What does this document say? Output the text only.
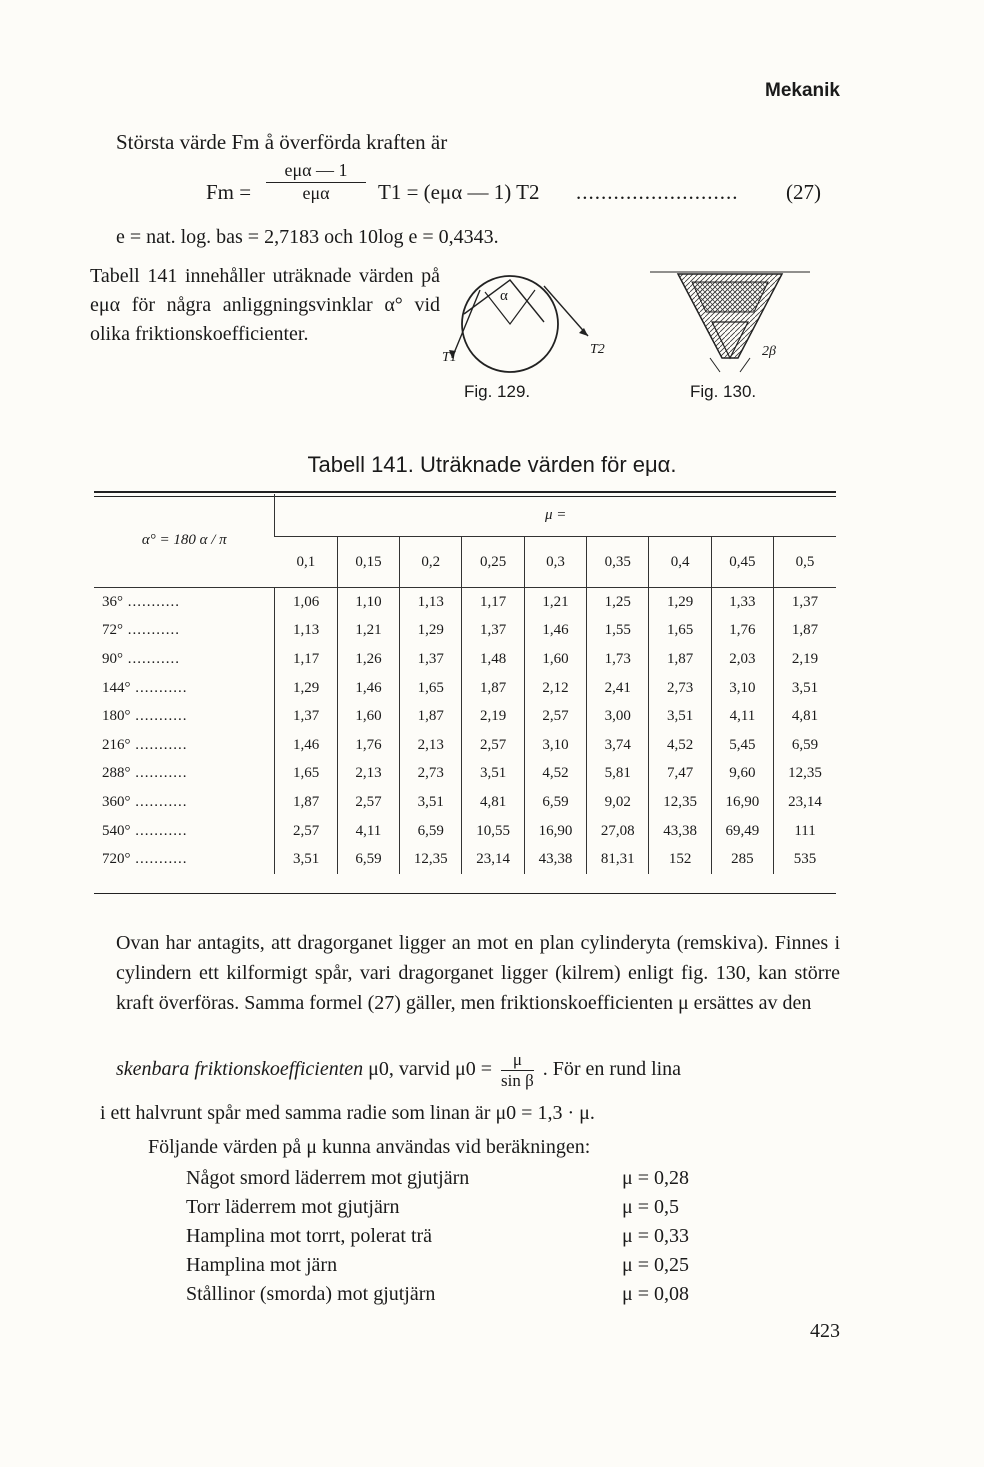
Mekanik
Största värde Fm å överförda kraften är
Fm =
eμα — 1
eμα	T1 = (eμα — 1) T2 .......................... (27)
e = nat. log. bas = 2,7183 och 10log e = 0,4343.
Tabell 141 innehåller uträknade värden på eμα för några anliggningsvinklar α° vid olika friktionskoefficienter.
α
T1
T2
Fig. 129.
2β
Fig. 130.
Tabell 141. Uträknade värden för eμα.
α° = 180 α / π	μ =								
	0,1	0,15	0,2	0,25	0,3	0,35	0,4	0,45	0,5
36° ...........	1,06	1,10	1,13	1,17	1,21	1,25	1,29	1,33	1,37
72° ...........	1,13	1,21	1,29	1,37	1,46	1,55	1,65	1,76	1,87
90° ...........	1,17	1,26	1,37	1,48	1,60	1,73	1,87	2,03	2,19
144° ...........	1,29	1,46	1,65	1,87	2,12	2,41	2,73	3,10	3,51
180° ...........	1,37	1,60	1,87	2,19	2,57	3,00	3,51	4,11	4,81
216° ...........	1,46	1,76	2,13	2,57	3,10	3,74	4,52	5,45	6,59
288° ...........	1,65	2,13	2,73	3,51	4,52	5,81	7,47	9,60	12,35
360° ...........	1,87	2,57	3,51	4,81	6,59	9,02	12,35	16,90	23,14
540° ...........	2,57	4,11	6,59	10,55	16,90	27,08	43,38	69,49	111
720° ...........	3,51	6,59	12,35	23,14	43,38	81,31	152	285	535
Ovan har antagits, att dragorganet ligger an mot en plan cylinderyta (remskiva). Finnes i cylindern ett kilformigt spår, vari dragorganet ligger (kilrem) enligt fig. 130, kan större kraft överföras. Samma formel (27) gäller, men friktionskoefficienten μ ersättes av den
skenbara friktionskoefficienten μ0, varvid $\mu 0 = \frac{\mu}{\text{sin β}}$ . För en rund lina
i ett halvrunt spår med samma radie som linan är μ0 = 1,3 · μ.
Följande värden på μ kunna användas vid beräkningen:
Något smord läderrem mot gjutjärn	μ = 0,28
Torr läderrem mot gjutjärn	μ = 0,5
Hamplina mot torrt, polerat trä	μ = 0,33
Hamplina mot järn	μ = 0,25
Stållinor (smorda) mot gjutjärn	μ = 0,08
423
